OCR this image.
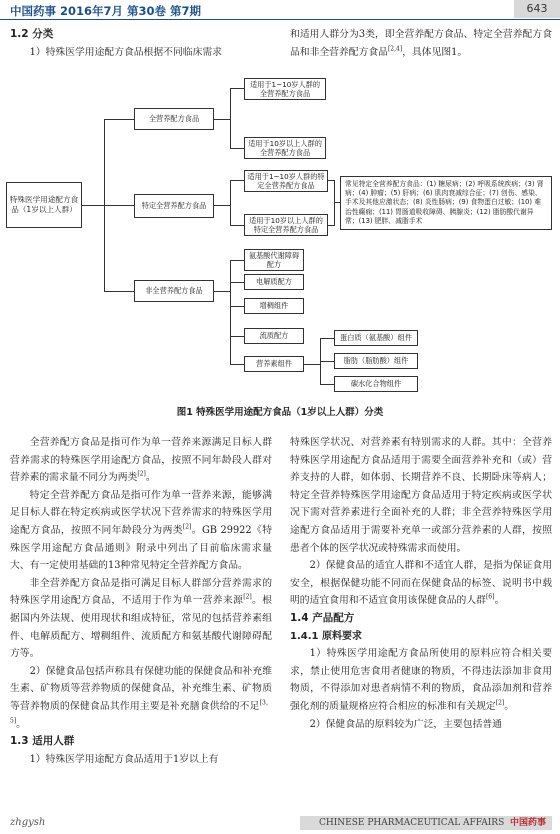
中国药事 2016年7月 第30卷 第7期	643
1.2 分类

1）特殊医学用途配方食品根据不同临床需求

和适用人群分为3类，即全营养配方食品、特定全营养配方食品和非全营养配方食品[2,4]，具体见图1。

特殊医学用途配方食品（1岁以上人群）
全营养配方食品
适用于1~10岁人群的全营养配方食品
适用于10岁以上人群的全营养配方食品
特定全营养配方食品
适用于1~10岁人群的特定全营养配方食品
适用于10岁以上人群的特定全营养配方食品
常见特定全营养配方食品：(1) 糖尿病；(2) 呼吸系统疾病；(3) 肾病；(4) 肿瘤；(5) 肝病；(6) 肌肉衰减综合征；(7) 创伤、感染、手术及其他应激状态；(8) 炎性肠病；(9) 食物蛋白过敏；(10) 难治性癫痫；(11) 胃肠道吸收障碍、胰腺炎；(12) 脂肪酸代谢异常；(13) 肥胖、减脂手术
非全营养配方食品
氨基酸代谢障碍配方
电解质配方
增稠组件
流质配方
营养素组件
蛋白质（氨基酸）组件
脂肪（脂肪酸）组件
碳水化合物组件
图1 特殊医学用途配方食品（1岁以上人群）分类

全营养配方食品是指可作为单一营养来源满足目标人群营养需求的特殊医学用途配方食品，按照不同年龄段人群对营养素的需求量不同分为两类[2]。

特定全营养配方食品是指可作为单一营养来源，能够满足目标人群在特定疾病或医学状况下营养需求的特殊医学用途配方食品，按照不同年龄段分为两类[2]。GB 29922《特殊医学用途配方食品通则》附录中列出了目前临床需求量大、有一定使用基础的13种常见特定全营养配方食品。

非全营养配方食品是指可满足目标人群部分营养需求的特殊医学用途配方食品，不适用于作为单一营养来源[2]。根据国内外法规、使用现状和组成特征，常见的包括营养素组件、电解质配方、增稠组件、流质配方和氨基酸代谢障碍配方等。

2）保健食品包括声称具有保健功能的保健食品和补充维生素、矿物质等营养物质的保健食品，补充维生素、矿物质等营养物质的保健食品其作用主要是补充膳食供给的不足[3，5]。

1.3 适用人群

1）特殊医学用途配方食品适用于1岁以上有

特殊医学状况、对营养素有特别需求的人群。其中：全营养特殊医学用途配方食品适用于需要全面营养补充和（或）营养支持的人群，如体弱、长期营养不良、长期卧床等病人；特定全营养特殊医学用途配方食品适用于特定疾病或医学状况下需对营养素进行全面补充的人群；非全营养特殊医学用途配方食品适用于需要补充单一或部分营养素的人群，按照患者个体的医学状况或特殊需求而使用。

2）保健食品的适宜人群和不适宜人群，是指为保证食用安全，根据保健功能不同而在保健食品的标签、说明书中载明的适宜食用和不适宜食用该保健食品的人群[6]。

1.4 产品配方
1.4.1 原料要求

1）特殊医学用途配方食品所使用的原料应符合相关要求，禁止使用危害食用者健康的物质，不得违法添加非食用物质，不得添加对患者病情不利的物质，食品添加剂和营养强化剂的质量规格应符合相应的标准和有关规定[2]。

2）保健食品的原料较为广泛，主要包括普通

zhgysh	CHINESE PHARMACEUTICAL AFFAIRS 中国药事
